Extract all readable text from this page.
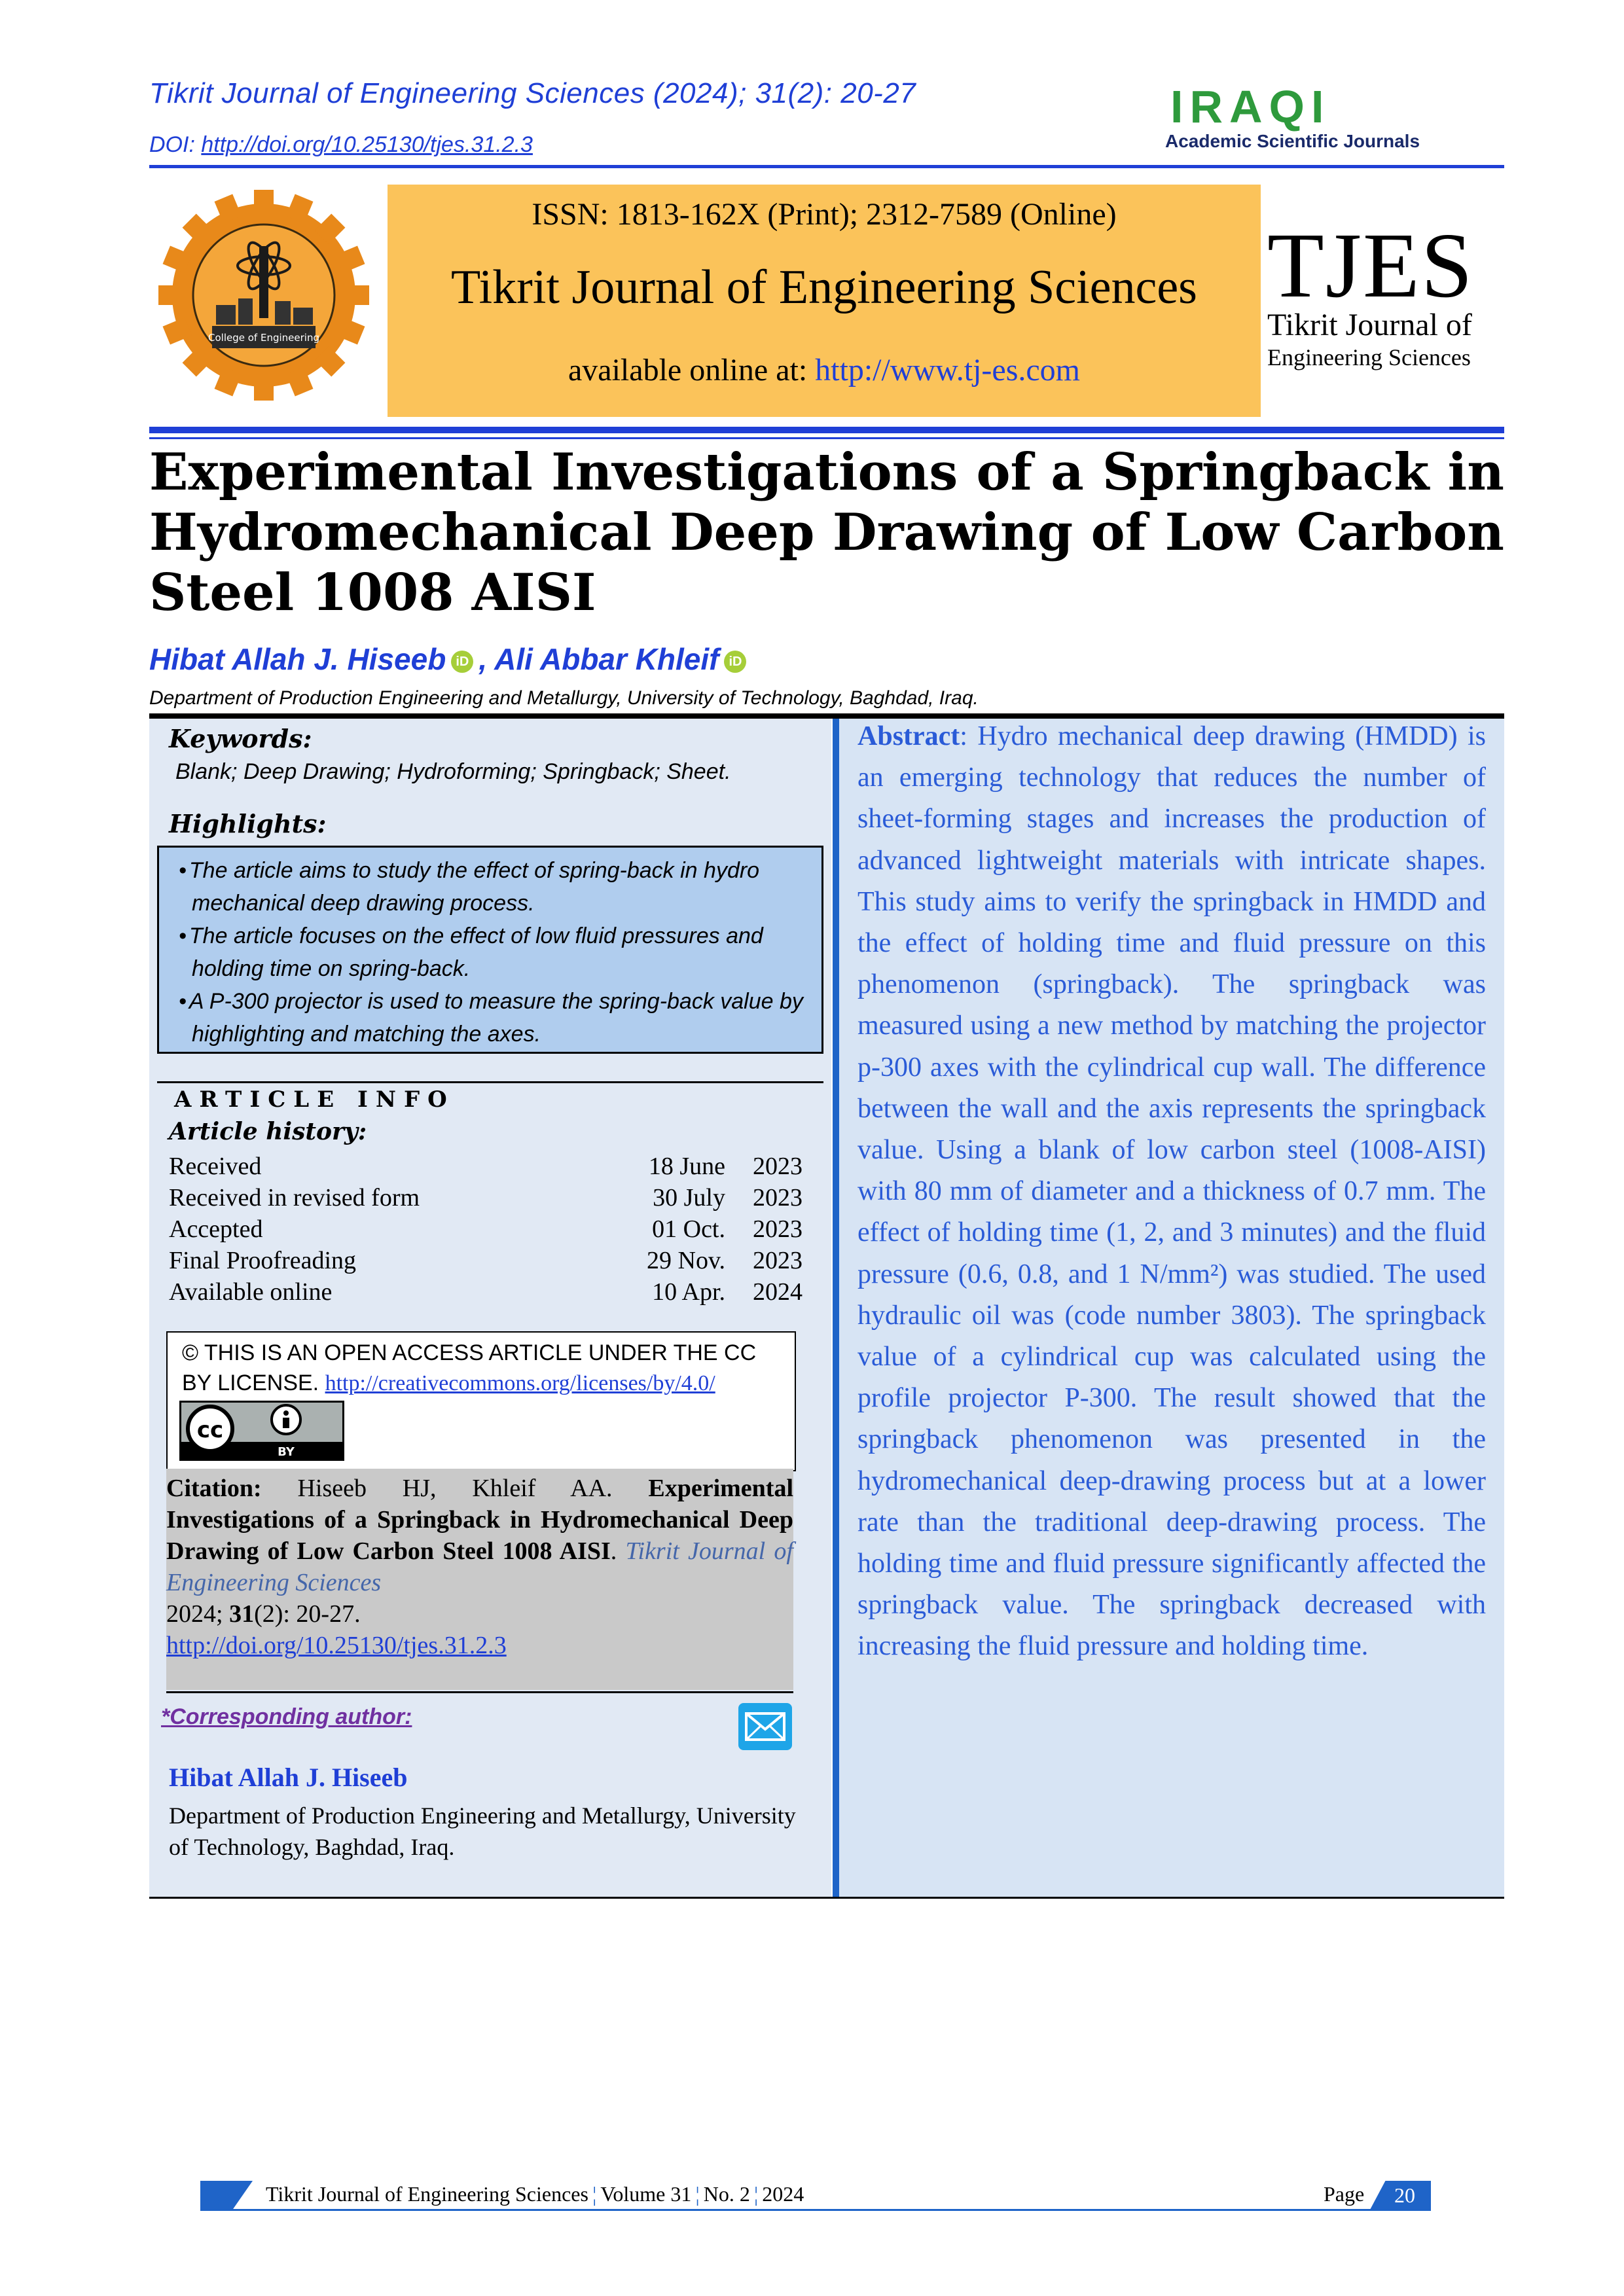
Tikrit Journal of Engineering Sciences (2024); 31(2): 20-27
DOI: http://doi.org/10.25130/tjes.31.2.3
IRAQI
Academic Scientific Journals
College of Engineering
ISSN: 1813-162X (Print); 2312-7589 (Online)
Tikrit Journal of Engineering Sciences
available online at: http://www.tj-es.com
TJES
Tikrit Journal of
Engineering Sciences
Experimental Investigations of a Springback in Hydromechanical Deep Drawing of Low Carbon Steel 1008 AISI
Hibat Allah J. Hiseeb iD , Ali Abbar Khleif iD
Department of Production Engineering and Metallurgy, University of Technology, Baghdad, Iraq.
Keywords:
Blank; Deep Drawing; Hydroforming; Springback; Sheet.
Highlights:
• The article aims to study the effect of spring-back in hydro mechanical deep drawing process.
• The article focuses on the effect of low fluid pressures and holding time on spring-back.
• A P-300 projector is used to measure the spring-back value by highlighting and matching the axes.
ARTICLE INFO
Article history:
Received	18 June	2023
Received in revised form	30 July	2023
Accepted	01 Oct.	2023
Final Proofreading	29 Nov.	2023
Available online	10 Apr.	2024
© THIS IS AN OPEN ACCESS ARTICLE UNDER THE CC BY LICENSE. http://creativecommons.org/licenses/by/4.0/
cc
BY
Citation: Hiseeb HJ, Khleif AA. Experimental Investigations of a Springback in Hydromechanical Deep Drawing of Low Carbon Steel 1008 AISI. Tikrit Journal of Engineering Sciences
2024; 31(2): 20-27.
http://doi.org/10.25130/tjes.31.2.3
*Corresponding author:
Hibat Allah J. Hiseeb
Department of Production Engineering and Metallurgy, University of Technology, Baghdad, Iraq.
Abstract: Hydro mechanical deep drawing (HMDD) is an emerging technology that reduces the number of sheet-forming stages and increases the production of advanced lightweight materials with intricate shapes. This study aims to verify the springback in HMDD and the effect of holding time and fluid pressure on this phenomenon (springback). The springback was measured using a new method by matching the projector p-300 axes with the cylindrical cup wall. The difference between the wall and the axis represents the springback value. Using a blank of low carbon steel (1008-AISI) with 80 mm of diameter and a thickness of 0.7 mm. The effect of holding time (1, 2, and 3 minutes) and the fluid pressure (0.6, 0.8, and 1 N/mm²) was studied. The used hydraulic oil was (code number 3803). The springback value of a cylindrical cup was calculated using the profile projector P-300. The result showed that the springback phenomenon was presented in the hydromechanical deep-drawing process but at a lower rate than the traditional deep-drawing process. The holding time and fluid pressure significantly affected the springback value. The springback decreased with increasing the fluid pressure and holding time.
Tikrit Journal of Engineering Sciences ¦ Volume 31 ¦ No. 2 ¦ 2024	Page	20
